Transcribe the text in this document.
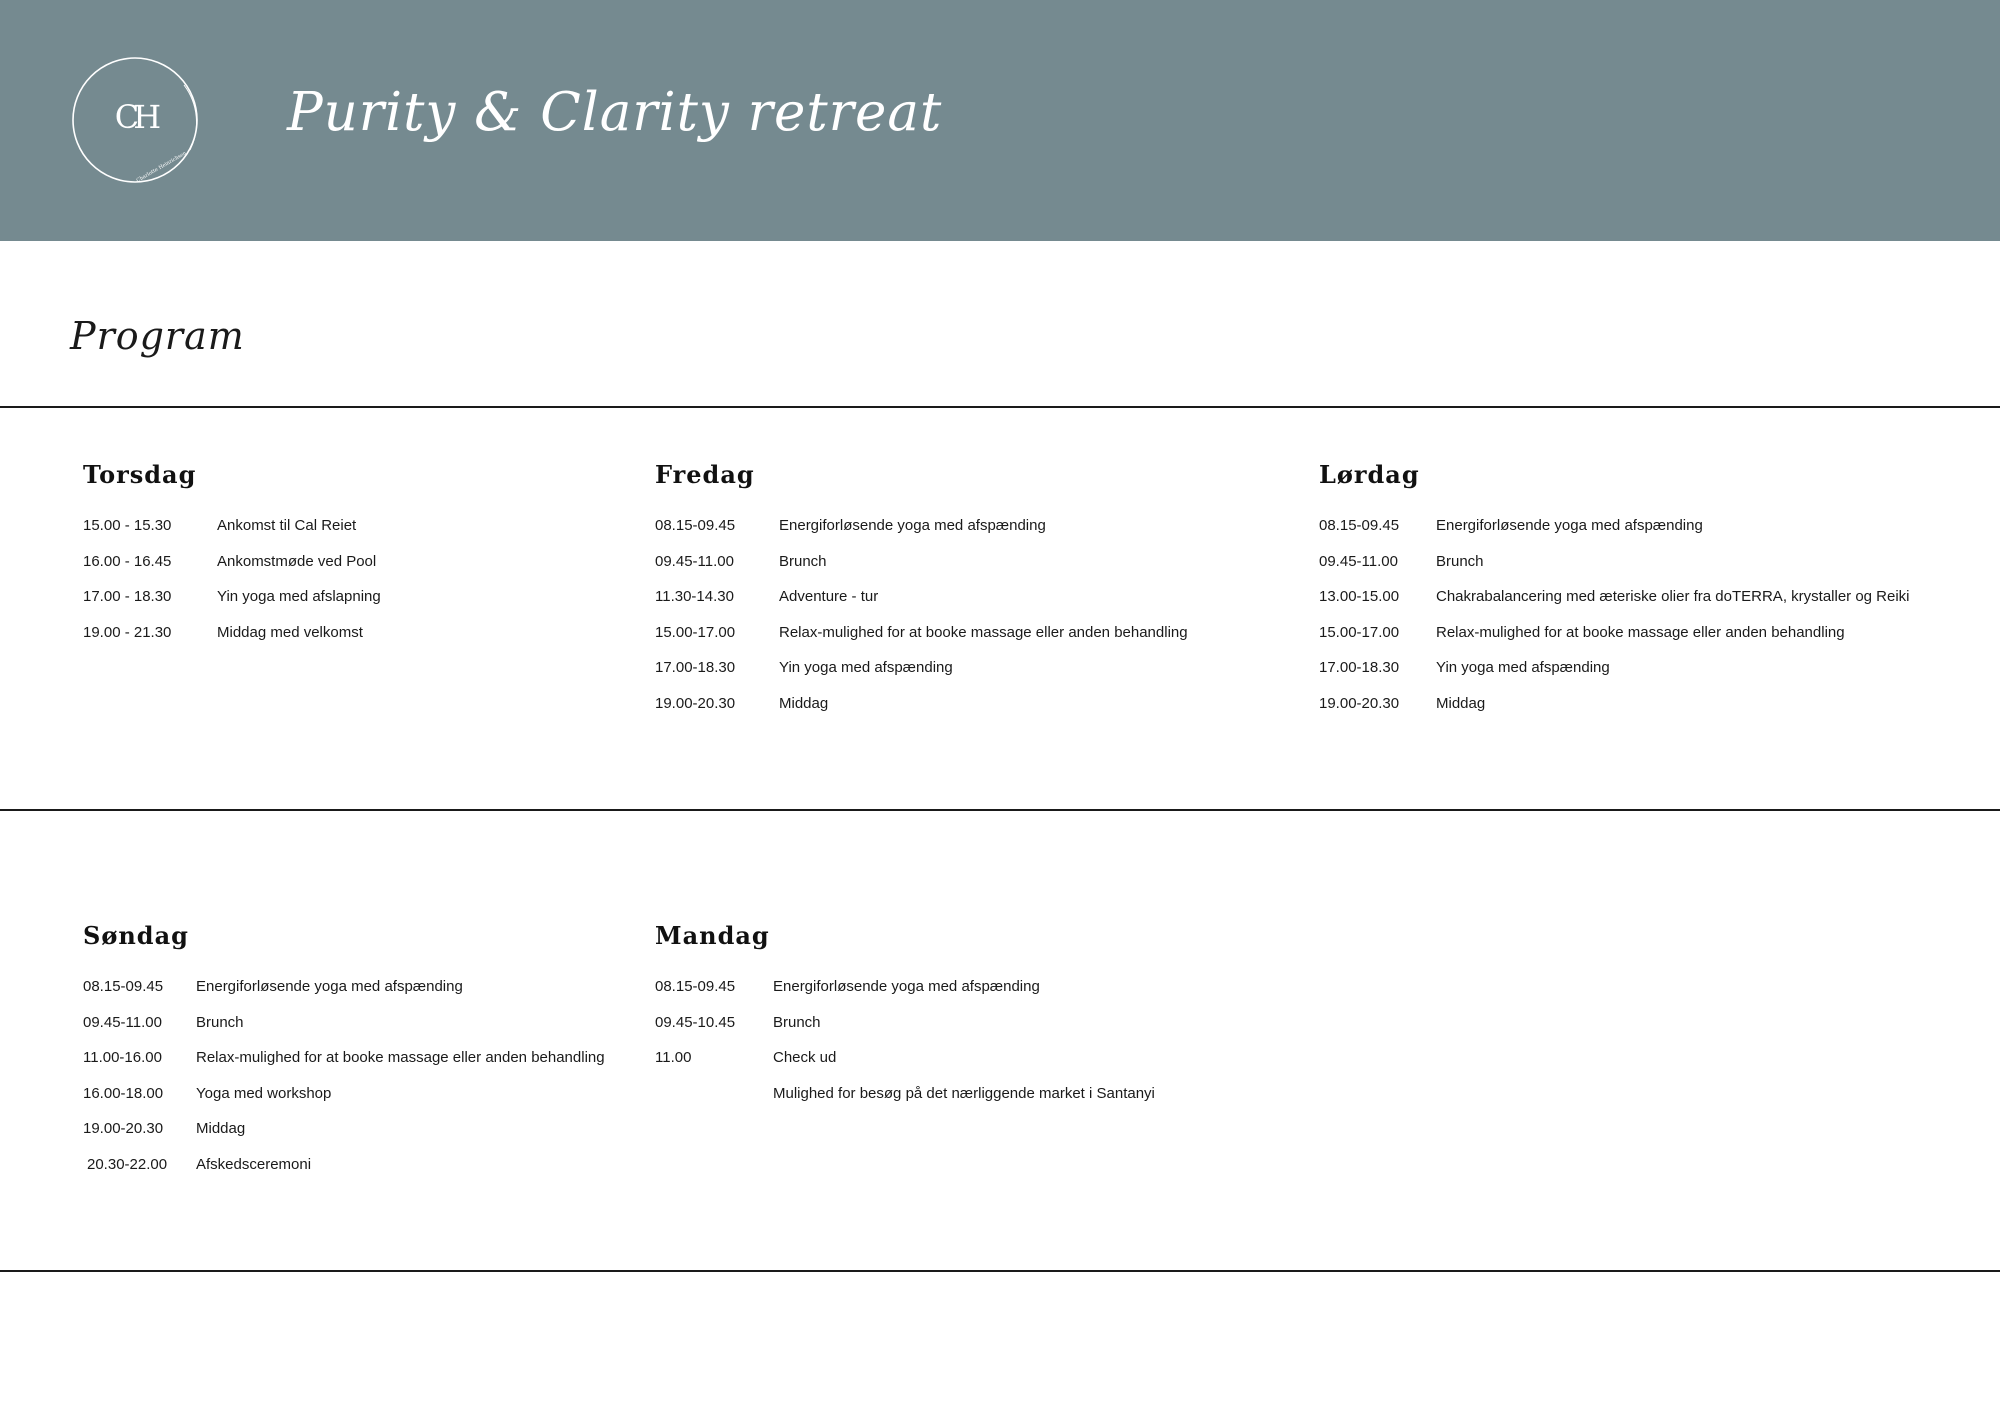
CH
Charlotte Heinrichsen
Purity & Clarity retreat
Program
Torsdag
15.00 - 15.30	Ankomst til Cal Reiet
16.00 - 16.45	Ankomstmøde ved Pool
17.00 - 18.30	Yin yoga med afslapning
19.00 - 21.30	Middag med velkomst
Fredag
08.15-09.45	Energiforløsende yoga med afspænding
09.45-11.00	Brunch
11.30-14.30	Adventure - tur
15.00-17.00	Relax-mulighed for at booke massage eller anden behandling
17.00-18.30	Yin yoga med afspænding
19.00-20.30	Middag
Lørdag
08.15-09.45	Energiforløsende yoga med afspænding
09.45-11.00	Brunch
13.00-15.00	Chakrabalancering med æteriske olier fra doTERRA, krystaller og Reiki
15.00-17.00	Relax-mulighed for at booke massage eller anden behandling
17.00-18.30	Yin yoga med afspænding
19.00-20.30	Middag
Søndag
08.15-09.45	Energiforløsende yoga med afspænding
09.45-11.00	Brunch
11.00-16.00	Relax-mulighed for at booke massage eller anden behandling
16.00-18.00	Yoga med workshop
19.00-20.30	Middag
20.30-22.00	Afskedsceremoni
Mandag
08.15-09.45	Energiforløsende yoga med afspænding
09.45-10.45	Brunch
11.00	Check ud
Mulighed for besøg på det nærliggende market i Santanyi
